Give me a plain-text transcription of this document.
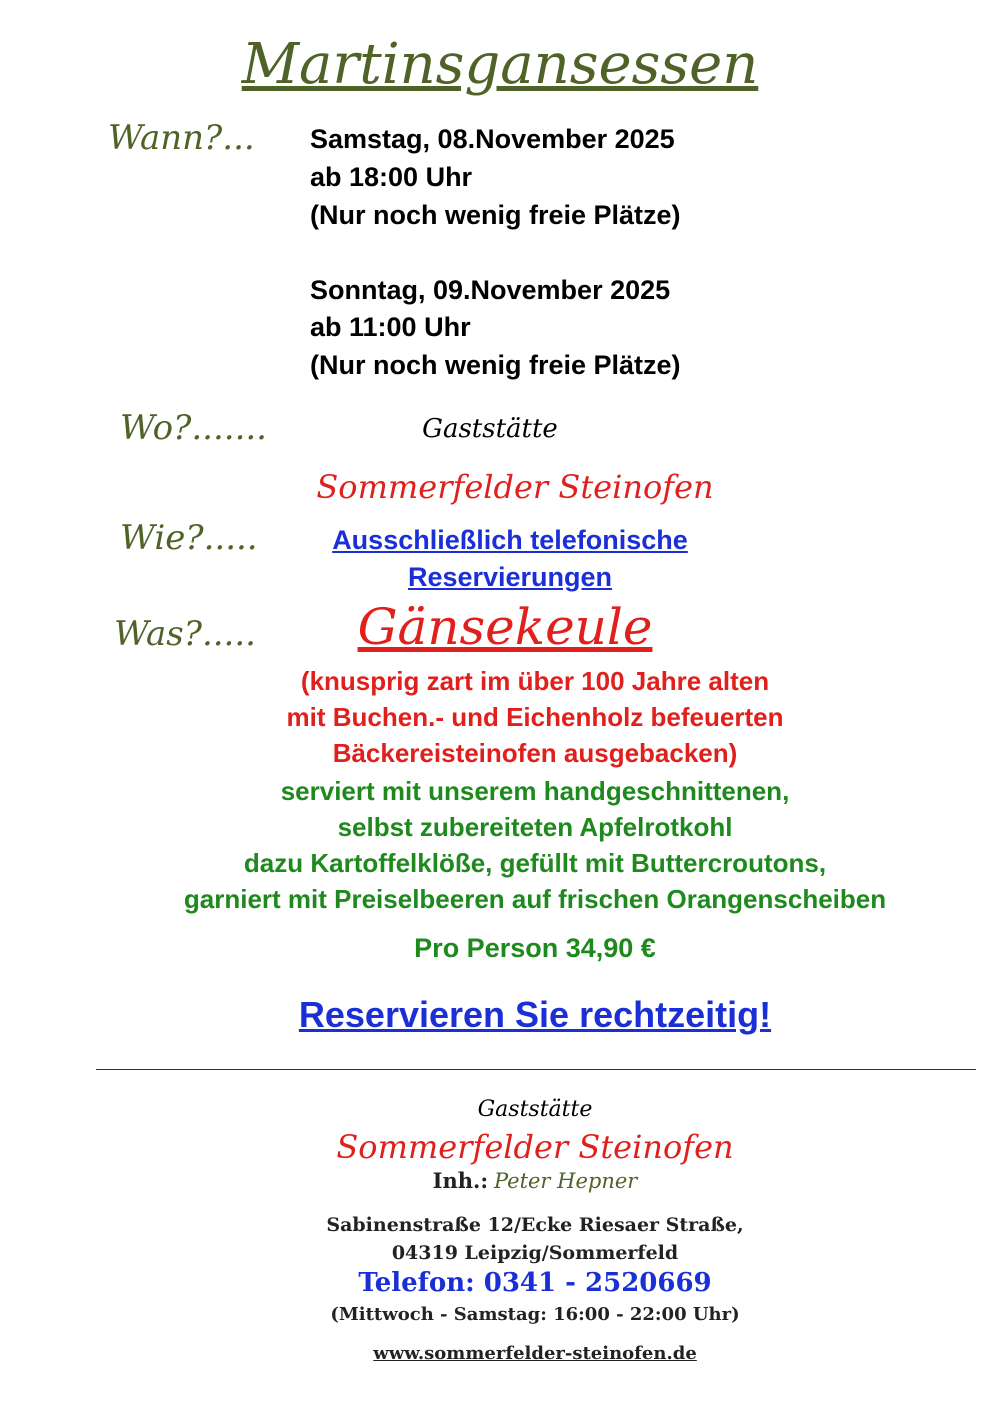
Martinsgansessen
Wann?... Samstag, 08.November 2025
ab 18:00 Uhr
(Nur noch wenig freie Plätze)
Sonntag, 09.November 2025
ab 11:00 Uhr
(Nur noch wenig freie Plätze)
Wo?.......	Gaststätte
Sommerfelder Steinofen
Wie?.....	Ausschließlich telefonische Reservierungen
Was?.....	Gänsekeule
(knusprig zart im über 100 Jahre alten
mit Buchen.- und Eichenholz befeuerten
Bäckereisteinofen ausgebacken)
serviert mit unserem handgeschnittenen,
selbst zubereiteten Apfelrotkohl
dazu Kartoffelklöße, gefüllt mit Buttercroutons,
garniert mit Preiselbeeren auf frischen Orangenscheiben
Pro Person 34,90 €
Reservieren Sie rechtzeitig!
Gaststätte
Sommerfelder Steinofen
Inh.: Peter Hepner
Sabinenstraße 12/Ecke Riesaer Straße,
04319 Leipzig/Sommerfeld
Telefon: 0341 - 2520669
(Mittwoch - Samstag: 16:00 - 22:00 Uhr)
www.sommerfelder-steinofen.de
